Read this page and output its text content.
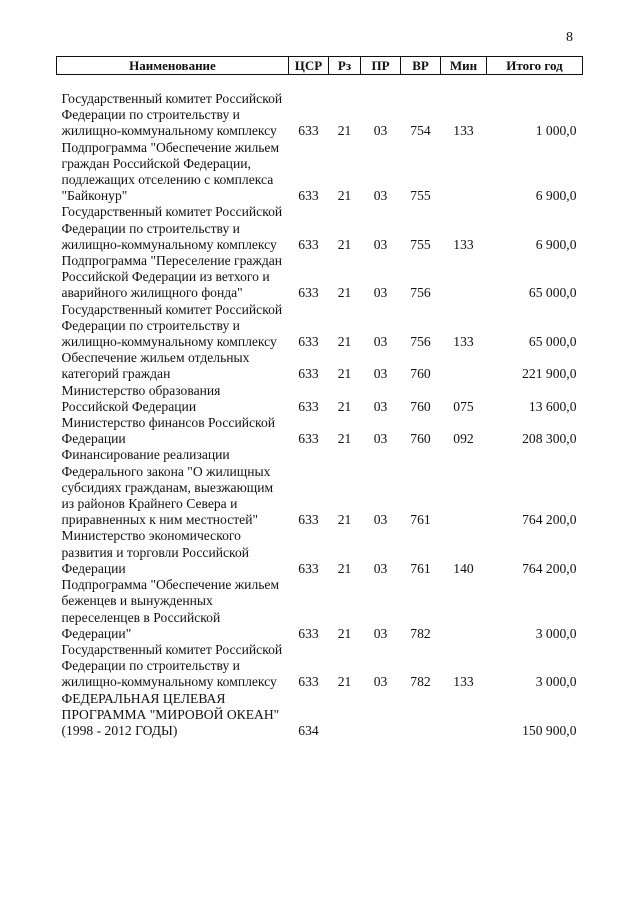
8
Наименование	ЦСР	Рз	ПР	ВР	Мин	Итого год
Государственный комитет Российской Федерации по строительству и жилищно-коммунальному комплексу	633	21	03	754	133	1 000,0
Подпрограмма "Обеспечение жильем граждан Российской Федерации, подлежащих отселению с комплекса "Байконур"	633	21	03	755		6 900,0
Государственный комитет Российской Федерации по строительству и жилищно-коммунальному комплексу	633	21	03	755	133	6 900,0
Подпрограмма "Переселение граждан Российской Федерации из ветхого и аварийного жилищного фонда"	633	21	03	756		65 000,0
Государственный комитет Российской Федерации по строительству и жилищно-коммунальному комплексу	633	21	03	756	133	65 000,0
Обеспечение жильем отдельных категорий граждан	633	21	03	760		221 900,0
Министерство образования Российской Федерации	633	21	03	760	075	13 600,0
Министерство финансов Российской Федерации	633	21	03	760	092	208 300,0
Финансирование реализации Федерального закона "О жилищных субсидиях гражданам, выезжающим из районов Крайнего Севера и приравненных к ним местностей"	633	21	03	761		764 200,0
Министерство экономического развития и торговли Российской Федерации	633	21	03	761	140	764 200,0
Подпрограмма "Обеспечение жильем беженцев и вынужденных переселенцев в Российской Федерации"	633	21	03	782		3 000,0
Государственный комитет Российской Федерации по строительству и жилищно-коммунальному комплексу	633	21	03	782	133	3 000,0
ФЕДЕРАЛЬНАЯ ЦЕЛЕВАЯ ПРОГРАММА "МИРОВОЙ ОКЕАН" (1998 - 2012 ГОДЫ)	634					150 900,0
